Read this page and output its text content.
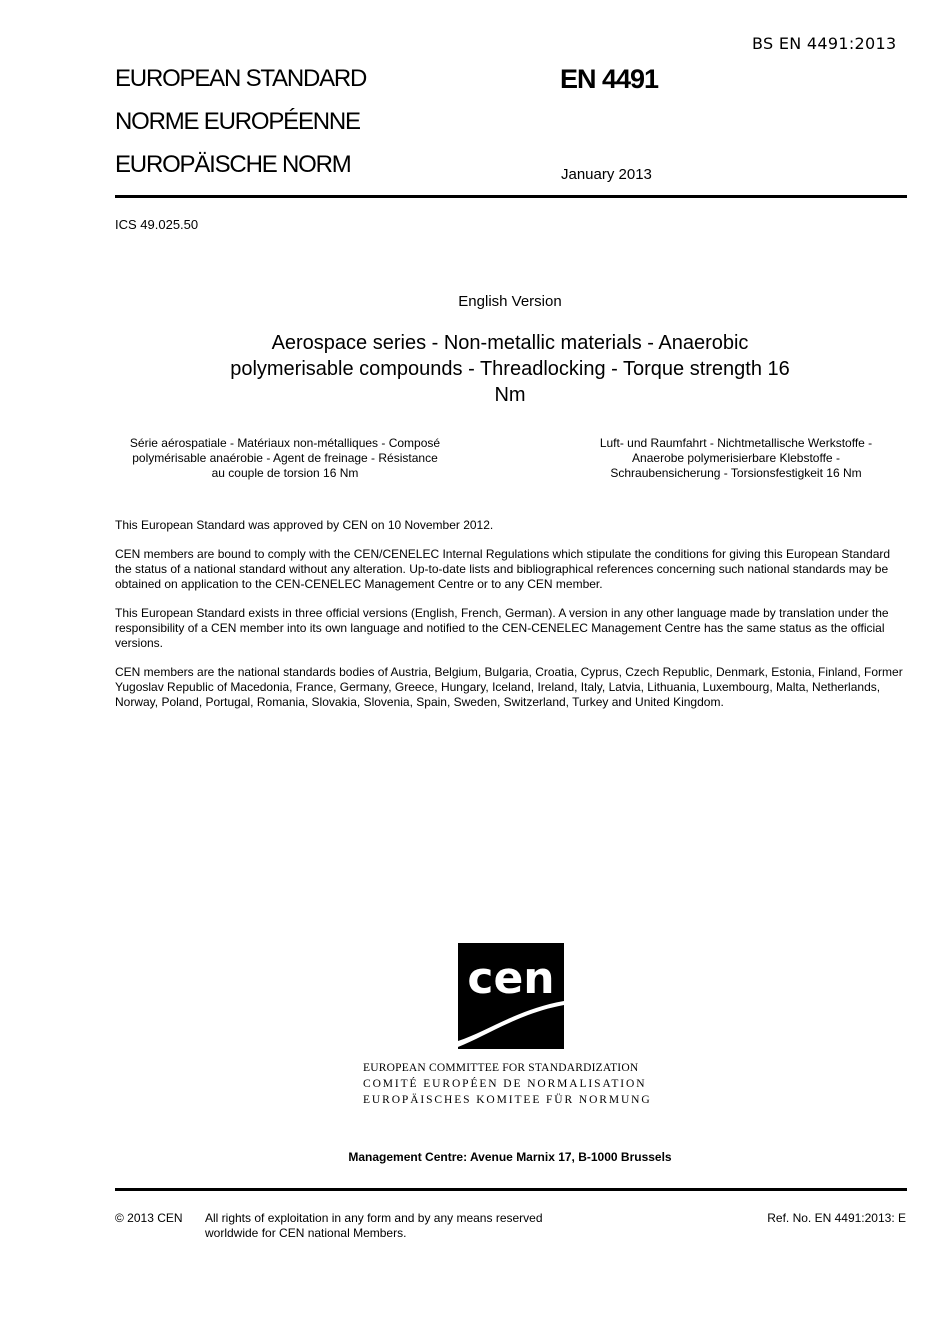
BS EN 4491:2013
EUROPEAN STANDARD
NORME EUROPÉENNE
EUROPÄISCHE NORM
EN 4491
January 2013
ICS 49.025.50
English Version
Aerospace series - Non-metallic materials - Anaerobic
polymerisable compounds - Threadlocking - Torque strength 16
Nm
Série aérospatiale - Matériaux non-métalliques - Composé
polymérisable anaérobie - Agent de freinage - Résistance
au couple de torsion 16 Nm
Luft- und Raumfahrt - Nichtmetallische Werkstoffe -
Anaerobe polymerisierbare Klebstoffe -
Schraubensicherung - Torsionsfestigkeit 16 Nm

This European Standard was approved by CEN on 10 November 2012.

CEN members are bound to comply with the CEN/CENELEC Internal Regulations which stipulate the conditions for giving this European Standard the status of a national standard without any alteration. Up-to-date lists and bibliographical references concerning such national standards may be obtained on application to the CEN-CENELEC Management Centre or to any CEN member.

This European Standard exists in three official versions (English, French, German). A version in any other language made by translation under the responsibility of a CEN member into its own language and notified to the CEN-CENELEC Management Centre has the same status as the official versions.

CEN members are the national standards bodies of Austria, Belgium, Bulgaria, Croatia, Cyprus, Czech Republic, Denmark, Estonia, Finland, Former Yugoslav Republic of Macedonia, France, Germany, Greece, Hungary, Iceland, Ireland, Italy, Latvia, Lithuania, Luxembourg, Malta, Netherlands, Norway, Poland, Portugal, Romania, Slovakia, Slovenia, Spain, Sweden, Switzerland, Turkey and United Kingdom.

cen
EUROPEAN COMMITTEE FOR STANDARDIZATION
COMITÉ EUROPÉEN DE NORMALISATION
EUROPÄISCHES KOMITEE FÜR NORMUNG
Management Centre: Avenue Marnix 17, B-1000 Brussels
© 2013 CEN All rights of exploitation in any form and by any means reserved
worldwide for CEN national Members.
Ref. No. EN 4491:2013: E
